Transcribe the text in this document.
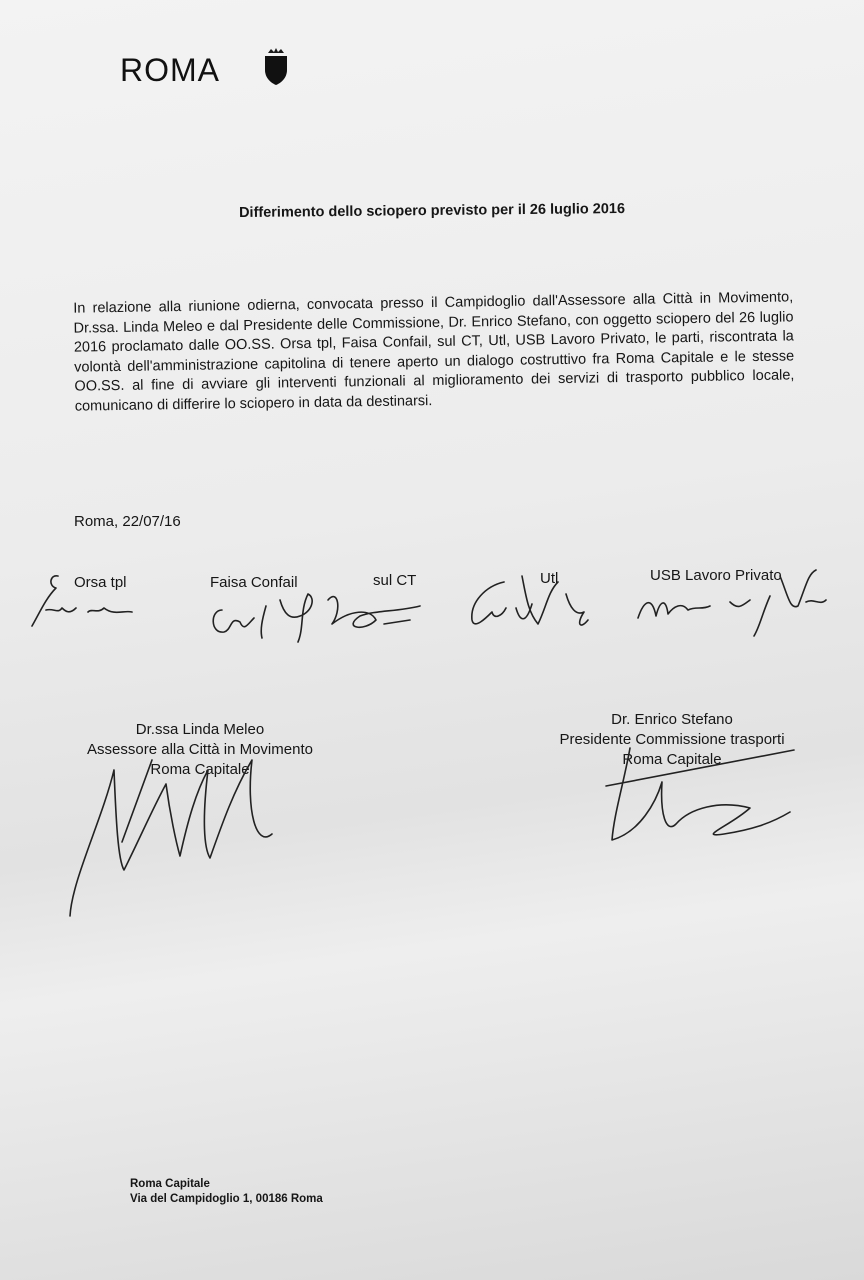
ROMA
Differimento dello sciopero previsto per il 26 luglio 2016
In relazione alla riunione odierna, convocata presso il Campidoglio dall'Assessore alla Città in Movimento, Dr.ssa. Linda Meleo e dal Presidente delle Commissione, Dr. Enrico Stefano, con oggetto sciopero del 26 luglio 2016 proclamato dalle OO.SS. Orsa tpl, Faisa Confail, sul CT, Utl, USB Lavoro Privato, le parti, riscontrata la volontà dell'amministrazione capitolina di tenere aperto un dialogo costruttivo fra Roma Capitale e le stesse OO.SS. al fine di avviare gli interventi funzionali al miglioramento dei servizi di trasporto pubblico locale, comunicano di differire lo sciopero in data da destinarsi.
Roma, 22/07/16
Orsa tpl	Faisa Confail	sul CT	Utl	USB Lavoro Privato
Dr.ssa Linda Meleo
Assessore alla Città in Movimento
Roma Capitale
Dr. Enrico Stefano
Presidente Commissione trasporti
Roma Capitale
Roma Capitale
Via del Campidoglio 1, 00186 Roma
